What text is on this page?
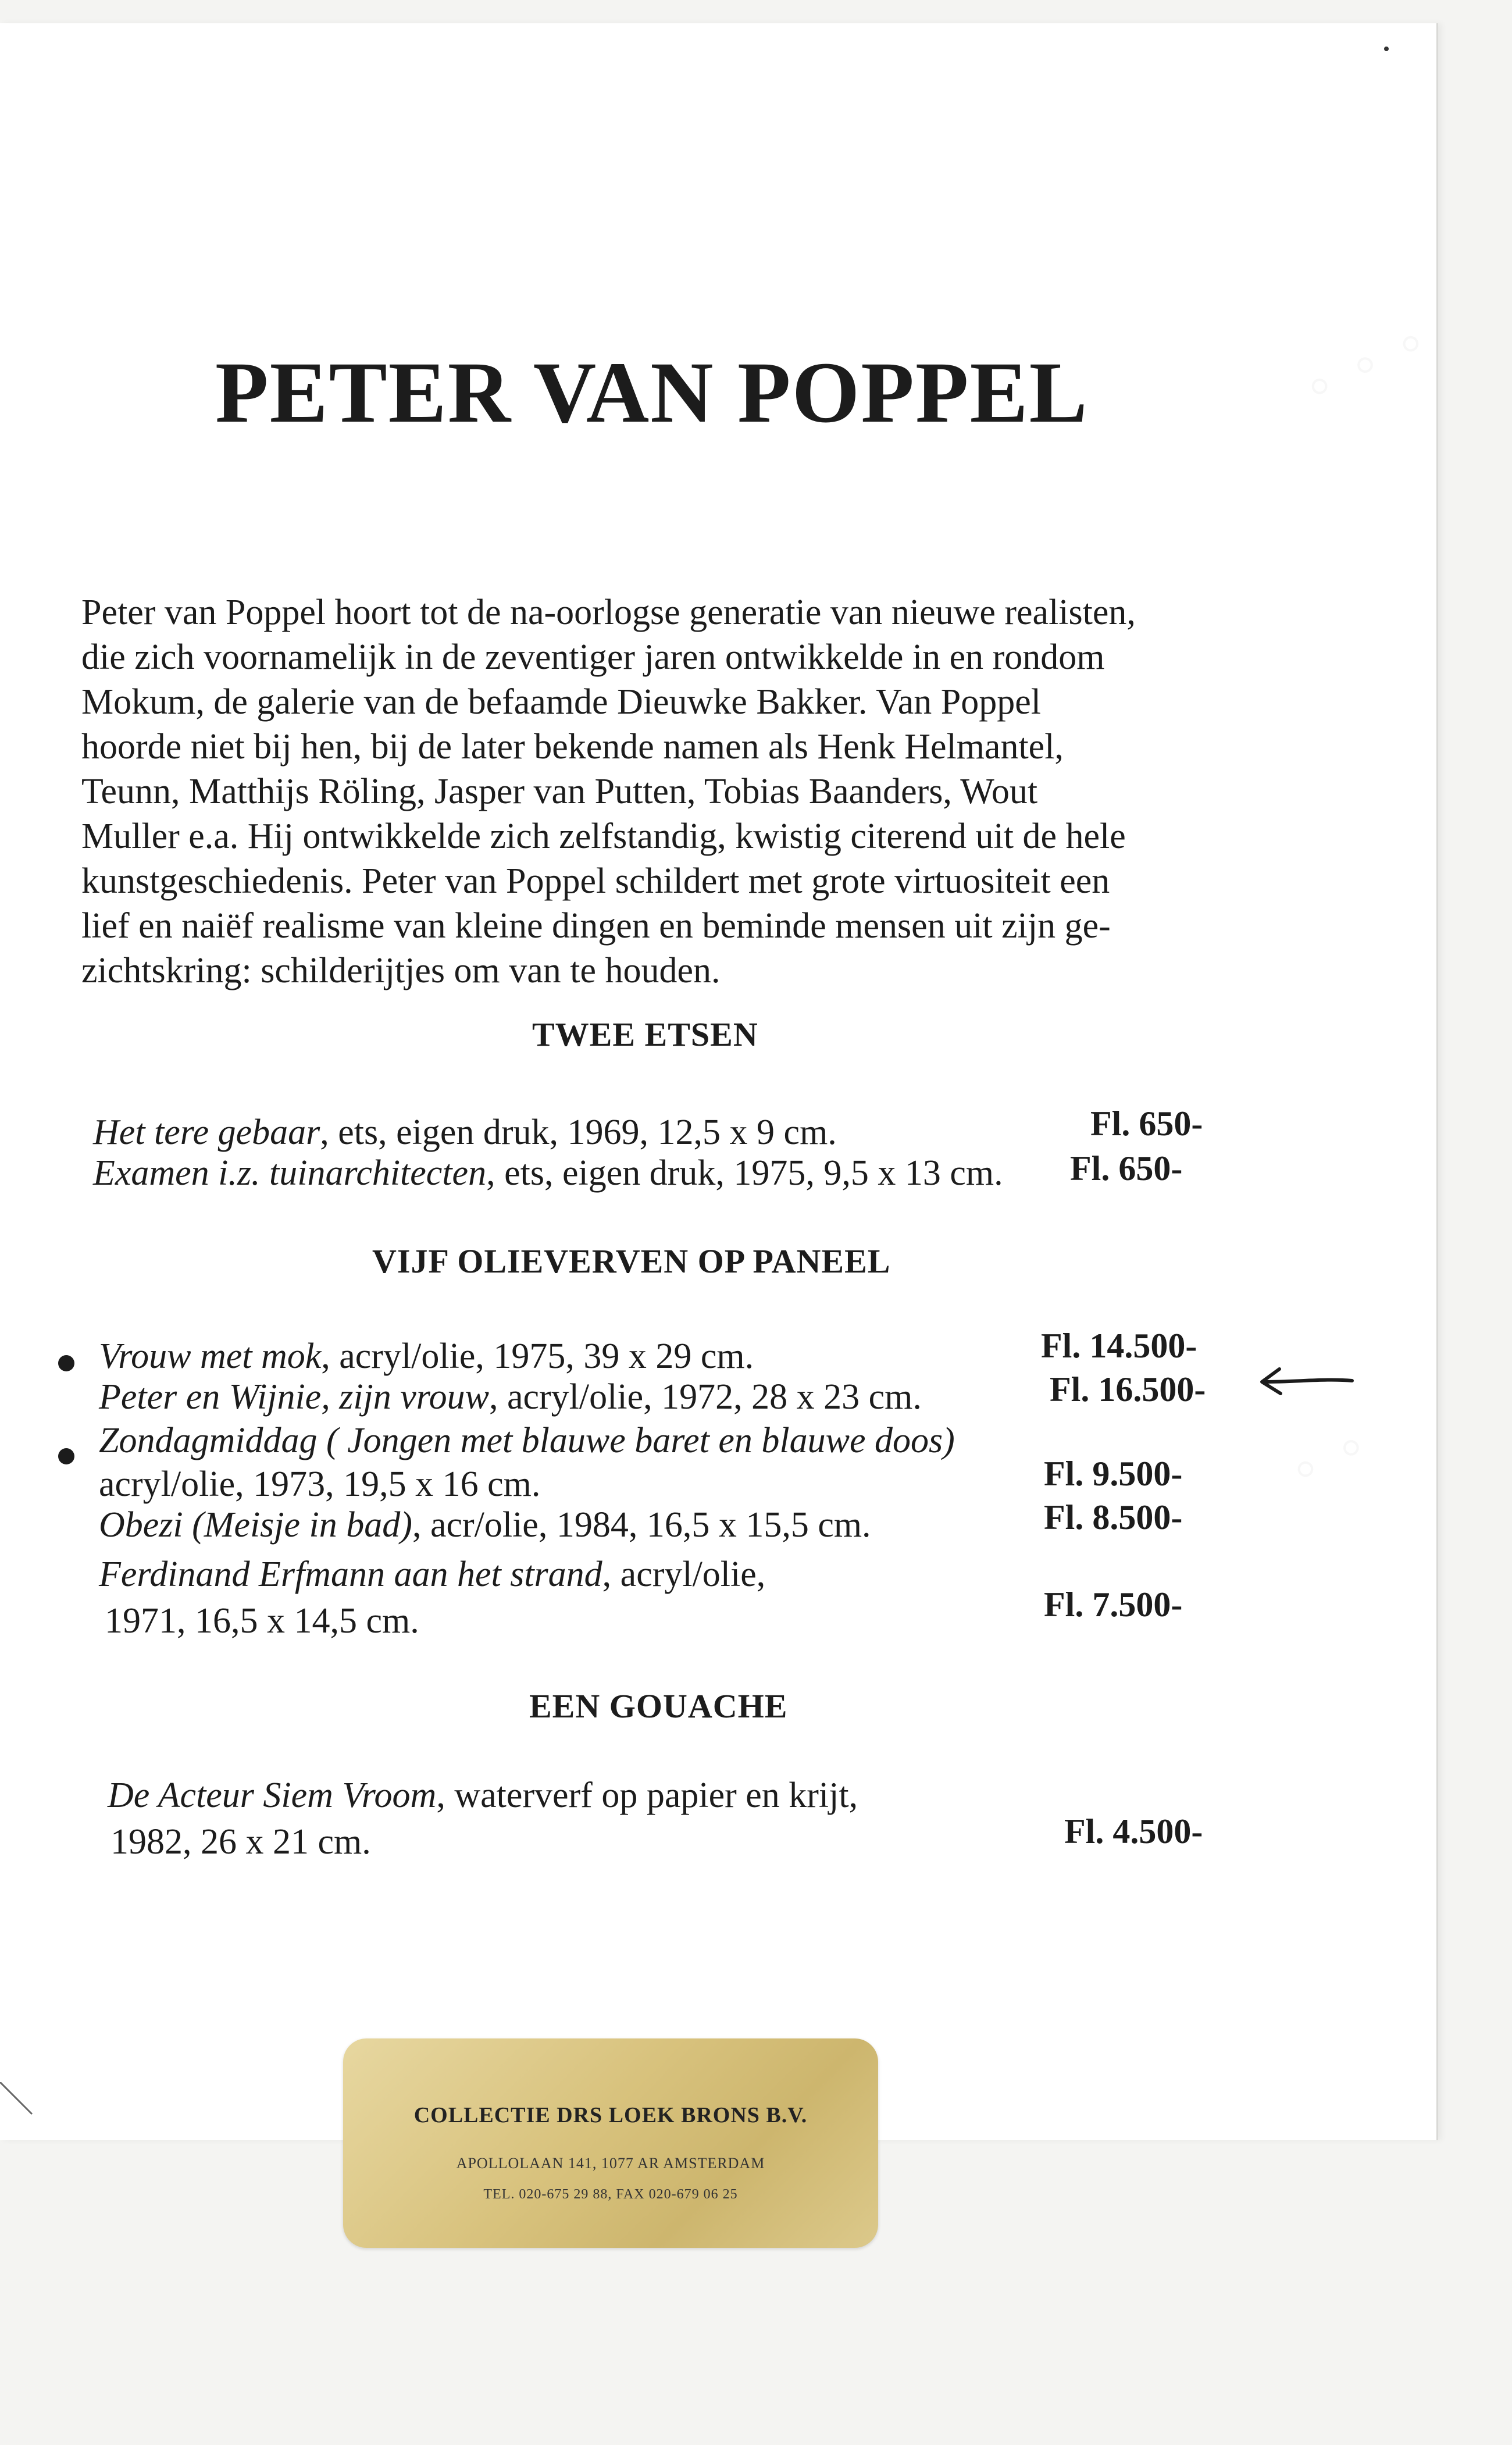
◦ ◦ ◦
◦ ◦
PETER VAN POPPEL
Peter van Poppel hoort tot de na-oorlogse generatie van nieuwe realisten,
die zich voornamelijk in de zeventiger jaren ontwikkelde in en rondom
Mokum, de galerie van de befaamde Dieuwke Bakker. Van Poppel
hoorde niet bij hen, bij de later bekende namen als Henk Helmantel,
Teunn, Matthijs Röling, Jasper van Putten, Tobias Baanders, Wout
Muller e.a. Hij ontwikkelde zich zelfstandig, kwistig citerend uit de hele
kunstgeschiedenis. Peter van Poppel schildert met grote virtuositeit een
lief en naiëf realisme van kleine dingen en beminde mensen uit zijn ge-
zichtskring: schilderijtjes om van te houden.
TWEE ETSEN
Het tere gebaar, ets, eigen druk, 1969, 12,5 x 9 cm.	Fl. 650-
Examen i.z. tuinarchitecten, ets, eigen druk, 1975, 9,5 x 13 cm. Fl. 650-
VIJF OLIEVERVEN OP PANEEL
Vrouw met mok, acryl/olie, 1975, 39 x 29 cm.	Fl. 14.500-
Peter en Wijnie, zijn vrouw, acryl/olie, 1972, 28 x 23 cm.	Fl. 16.500-
Zondagmiddag ( Jongen met blauwe baret en blauwe doos)
acryl/olie, 1973, 19,5 x 16 cm.	Fl. 9.500-
Obezi (Meisje in bad), acr/olie, 1984, 16,5 x 15,5 cm.	Fl. 8.500-
Ferdinand Erfmann aan het strand, acryl/olie,
1971, 16,5 x 14,5 cm.	Fl. 7.500-
EEN GOUACHE
De Acteur Siem Vroom, waterverf op papier en krijt,
1982, 26 x 21 cm.	Fl. 4.500-
COLLECTIE DRS LOEK BRONS B.V.
APOLLOLAAN 141, 1077 AR AMSTERDAM
TEL. 020-675 29 88, FAX 020-679 06 25
